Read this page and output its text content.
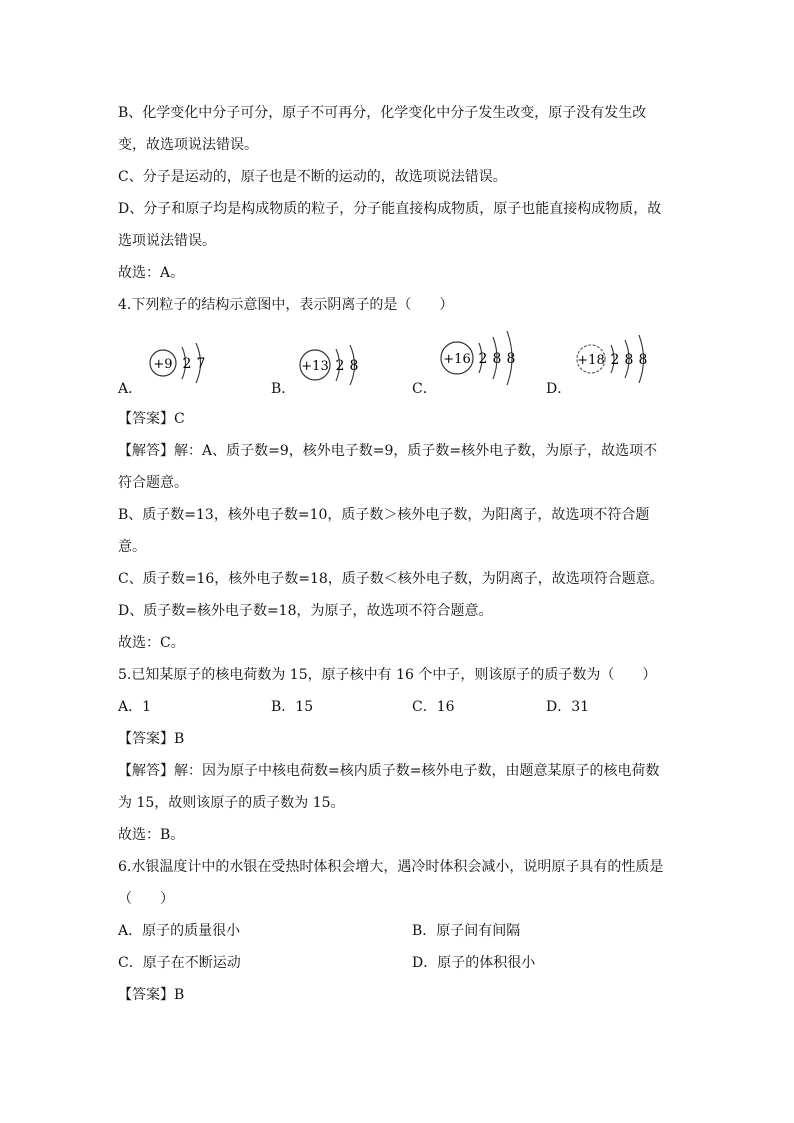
B、化学变化中分子可分，原子不可再分，化学变化中分子发生改变，原子没有发生改
变，故选项说法错误。
C、分子是运动的，原子也是不断的运动的，故选项说法错误。
D、分子和原子均是构成物质的粒子，分子能直接构成物质，原子也能直接构成物质，故
选项说法错误。
故选：A。
4.下列粒子的结构示意图中，表示阴离子的是（　　）
A．
+9 2 7
B．
+13 2 8
C．
+16 2 8 8
D．
+18 2 8 8
【答案】C
【解答】解：A、质子数=9，核外电子数=9，质子数=核外电子数，为原子，故选项不
符合题意。
B、质子数=13，核外电子数=10，质子数＞核外电子数，为阳离子，故选项不符合题
意。
C、质子数=16，核外电子数=18，质子数＜核外电子数，为阴离子，故选项符合题意。
D、质子数=核外电子数=18，为原子，故选项不符合题意。
故选：C。
5.已知某原子的核电荷数为 15，原子核中有 16 个中子，则该原子的质子数为（　　）
A．1	B．15	C．16	D．31
【答案】B
【解答】解：因为原子中核电荷数=核内质子数=核外电子数，由题意某原子的核电荷数
为 15，故则该原子的质子数为 15。
故选：B。
6.水银温度计中的水银在受热时体积会增大，遇冷时体积会减小，说明原子具有的性质是
（　　）
A．原子的质量很小	B．原子间有间隔
C．原子在不断运动	D．原子的体积很小
【答案】B
